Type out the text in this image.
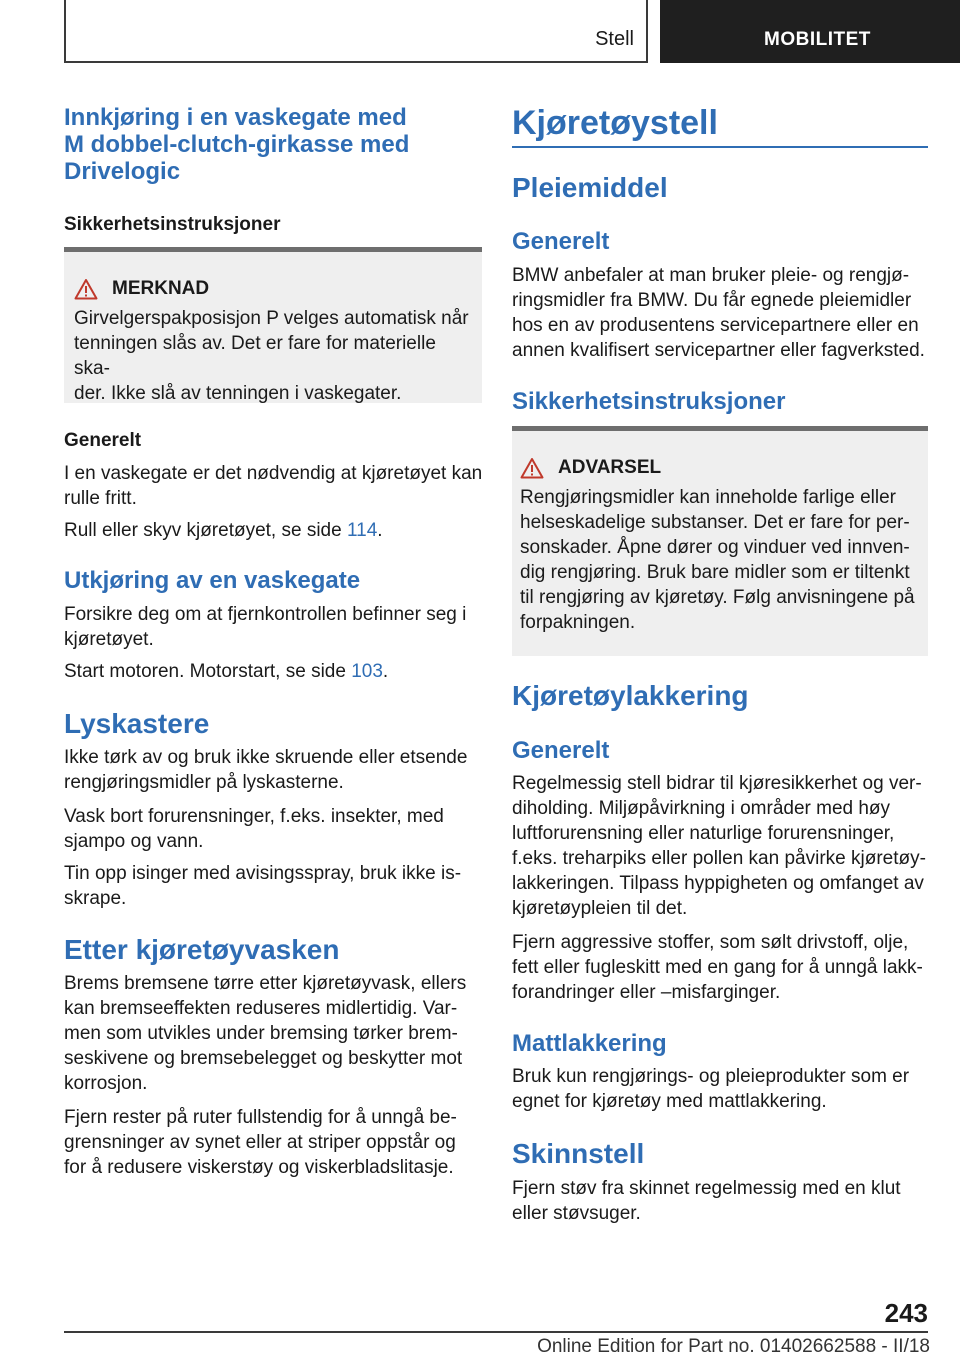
Stell	MOBILITET
Innkjøring i en vaskegate med
M dobbel-clutch-girkasse med
Drivelogic
Sikkerhetsinstruksjoner
MERKNAD

Girvelgerspakposisjon P velges automatisk når

tenningen slås av. Det er fare for materielle ska-

der. Ikke slå av tenningen i vaskegater.

Generelt

I en vaskegate er det nødvendig at kjøretøyet kan

rulle fritt.

Rull eller skyv kjøretøyet, se side 114.

Utkjøring av en vaskegate

Forsikre deg om at fjernkontrollen befinner seg i

kjøretøyet.

Start motoren. Motorstart, se side 103.

Lyskastere

Ikke tørk av og bruk ikke skruende eller etsende

rengjøringsmidler på lyskasterne.

Vask bort forurensninger, f.eks. insekter, med

sjampo og vann.

Tin opp isinger med avisingsspray, bruk ikke is-

skrape.

Etter kjøretøyvasken

Brems bremsene tørre etter kjøretøyvask, ellers

kan bremseeffekten reduseres midlertidig. Var-

men som utvikles under bremsing tørker brem-

seskivene og bremsebelegget og beskytter mot

korrosjon.

Fjern rester på ruter fullstendig for å unngå be-

grensninger av synet eller at striper oppstår og

for å redusere viskerstøy og viskerbladslitasje.

Kjøretøystell
Pleiemiddel
Generelt

BMW anbefaler at man bruker pleie- og rengjø-

ringsmidler fra BMW. Du får egnede pleiemidler

hos en av produsentens servicepartnere eller en

annen kvalifisert servicepartner eller fagverksted.

Sikkerhetsinstruksjoner
ADVARSEL

Rengjøringsmidler kan inneholde farlige eller

helseskadelige substanser. Det er fare for per-

sonskader. Åpne dører og vinduer ved innven-

dig rengjøring. Bruk bare midler som er tiltenkt

til rengjøring av kjøretøy. Følg anvisningene på

forpakningen.

Kjøretøylakkering
Generelt

Regelmessig stell bidrar til kjøresikkerhet og ver-

diholding. Miljøpåvirkning i områder med høy

luftforurensning eller naturlige forurensninger,

f.eks. treharpiks eller pollen kan påvirke kjøretøy-

lakkeringen. Tilpass hyppigheten og omfanget av

kjøretøypleien til det.

Fjern aggressive stoffer, som sølt drivstoff, olje,

fett eller fugleskitt med en gang for å unngå lakk-

forandringer eller –misfarginger.

Mattlakkering

Bruk kun rengjørings- og pleieprodukter som er

egnet for kjøretøy med mattlakkering.

Skinnstell

Fjern støv fra skinnet regelmessig med en klut

eller støvsuger.

243
Online Edition for Part no. 01402662588 - II/18
